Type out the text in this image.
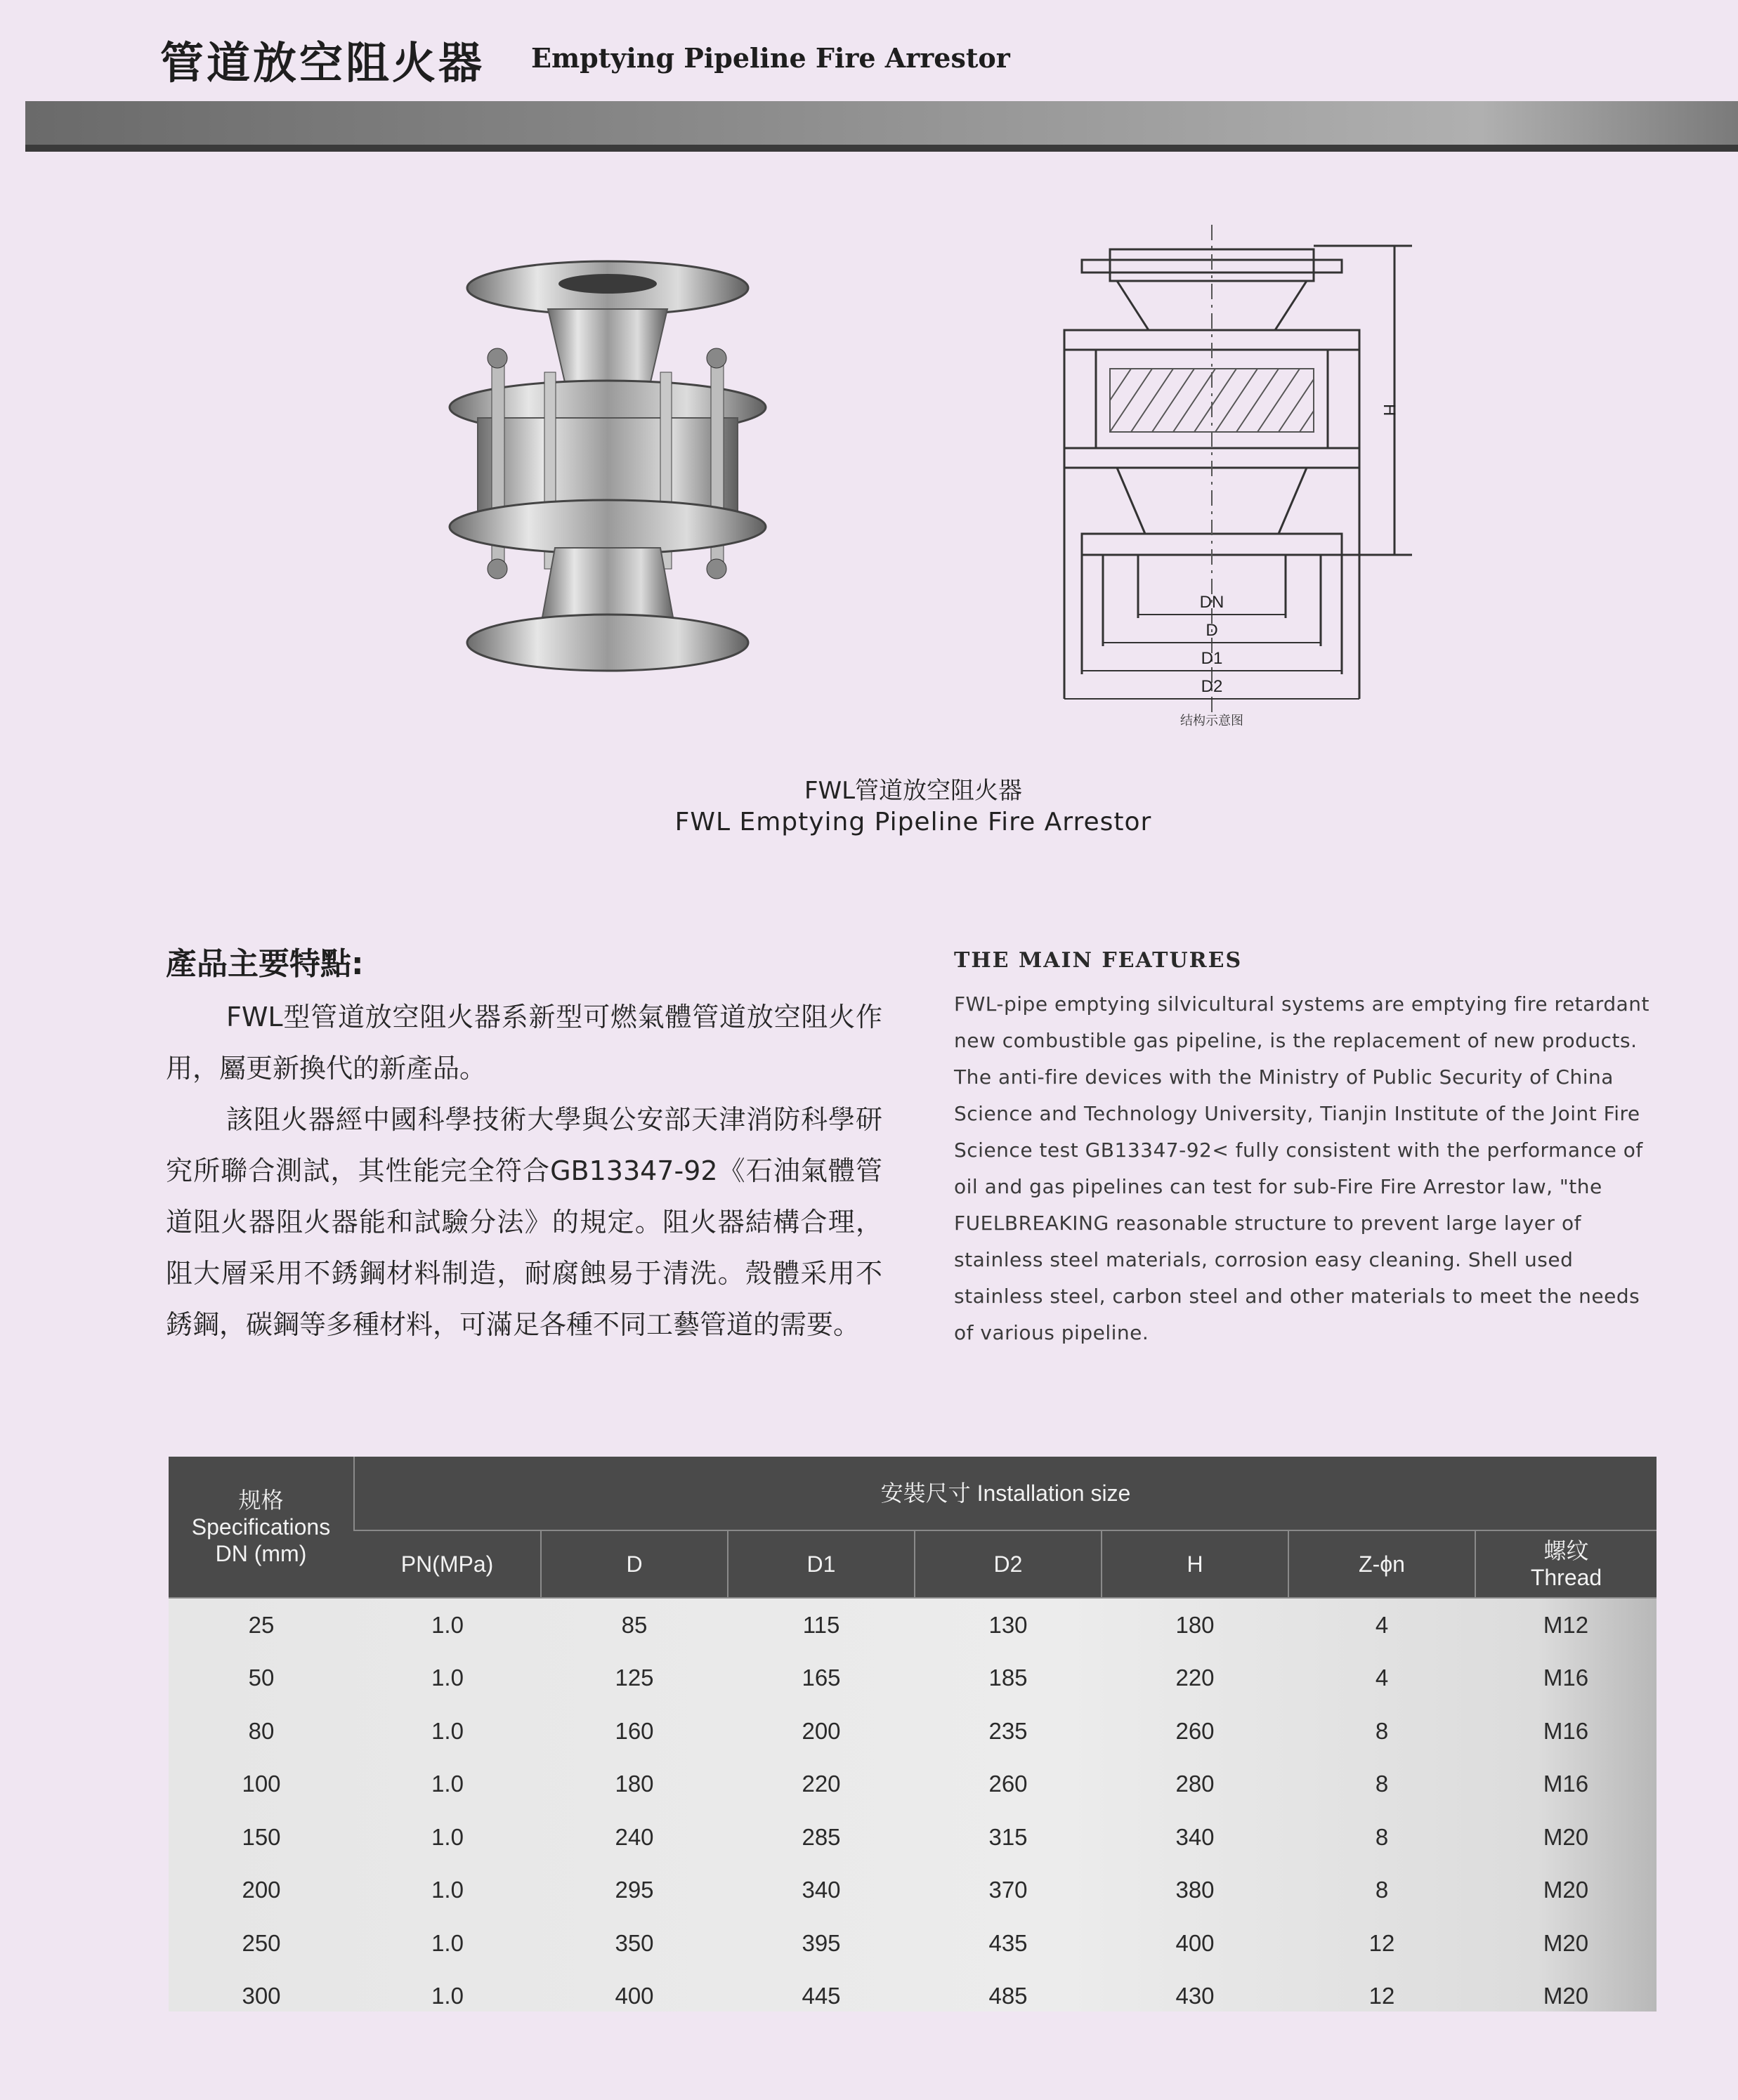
管道放空阻火器 Emptying Pipeline Fire Arrestor
DN
D
D1
D2
H
结构示意图
FWL管道放空阻火器
FWL Emptying Pipeline Fire Arrestor
產品主要特點:

FWL型管道放空阻火器系新型可燃氣體管道放空阻火作用，屬更新換代的新產品。

該阻火器經中國科學技術大學與公安部天津消防科學研究所聯合測試，其性能完全符合GB13347-92《石油氣體管道阻火器阻火器能和試驗分法》的規定。阻火器結構合理，阻大層采用不銹鋼材料制造，耐腐蝕易于清洗。殼體采用不銹鋼，碳鋼等多種材料，可滿足各種不同工藝管道的需要。

THE MAIN FEATURES
FWL-pipe emptying silvicultural systems are emptying fire retardant new combustible gas pipeline, is the replacement of new products. The anti-fire devices with the Ministry of Public Security of China Science and Technology University, Tianjin Institute of the Joint Fire Science test GB13347-92< fully consistent with the performance of oil and gas pipelines can test for sub-Fire Fire Arrestor law, "the FUELBREAKING reasonable structure to prevent large layer of stainless steel materials, corrosion easy cleaning. Shell used stainless steel, carbon steel and other materials to meet the needs of various pipeline.
规格
Specifications
DN (mm)	安裝尺寸 Installation size						
	PN(MPa)	D	D1	D2	H	Z-ϕn	螺纹
Thread

25	1.0	85	115	130	180	4	M12
50	1.0	125	165	185	220	4	M16
80	1.0	160	200	235	260	8	M16
100	1.0	180	220	260	280	8	M16
150	1.0	240	285	315	340	8	M20
200	1.0	295	340	370	380	8	M20
250	1.0	350	395	435	400	12	M20
300	1.0	400	445	485	430	12	M20
